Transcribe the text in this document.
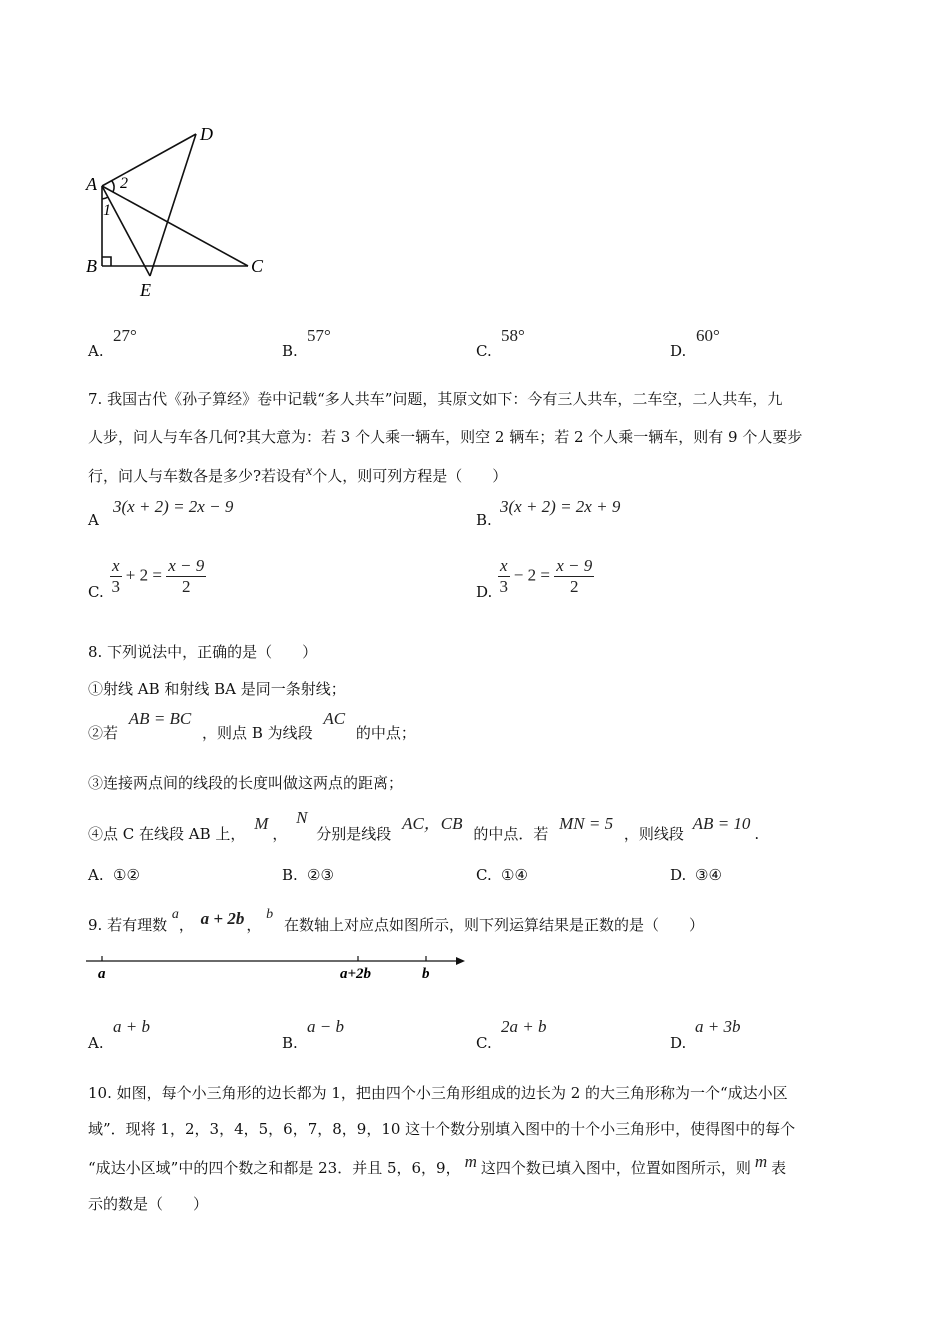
D
A 2
1
B	C
E
A.
27°
B.
57°
C.
58°
D.
60°
7. 我国古代《孙子算经》卷中记载“多人共车”问题，其原文如下：今有三人共车，二车空，二人共车，九
人步，问人与车各几何?其大意为：若 3 个人乘一辆车，则空 2 辆车；若 2 个人乘一辆车，则有 9 个人要步
行，问人与车数各是多少?若设有x个人，则可列方程是（　　）
A
3(x + 2) = 2x − 9
B.
3(x + 2) = 2x + 9
C. $\frac{x}{3} + 2 = \frac{x - 9}{2}$	D. $\frac{x}{3} - 2 = \frac{x - 9}{2}$
8. 下列说法中，正确的是（　　）
①射线 AB 和射线 BA 是同一条射线；
②若 AB = BC ，则点 B 为线段 AC 的中点；
③连接两点间的线段的长度叫做这两点的距离；
④点 C 在线段 AB 上， M， N 分别是线段 AC，CB 的中点．若 MN = 5 ，则线段 AB = 10.
A. ①②	B. ②③	C. ①④	D. ③④
9. 若有理数 a， a + 2b ， b 在数轴上对应点如图所示，则下列运算结果是正数的是（　　）
a	a+2b	b
A.
a + b
B.
a − b
C.
2a + b
D.
a + 3b
10. 如图，每个小三角形的边长都为 1，把由四个小三角形组成的边长为 2 的大三角形称为一个“成达小区
域”．现将 1，2，3，4，5，6，7，8，9，10 这十个数分别填入图中的十个小三角形中，使得图中的每个
“成达小区域”中的四个数之和都是 23．并且 5，6，9， m 这四个数已填入图中，位置如图所示，则 m 表
示的数是（　　）
